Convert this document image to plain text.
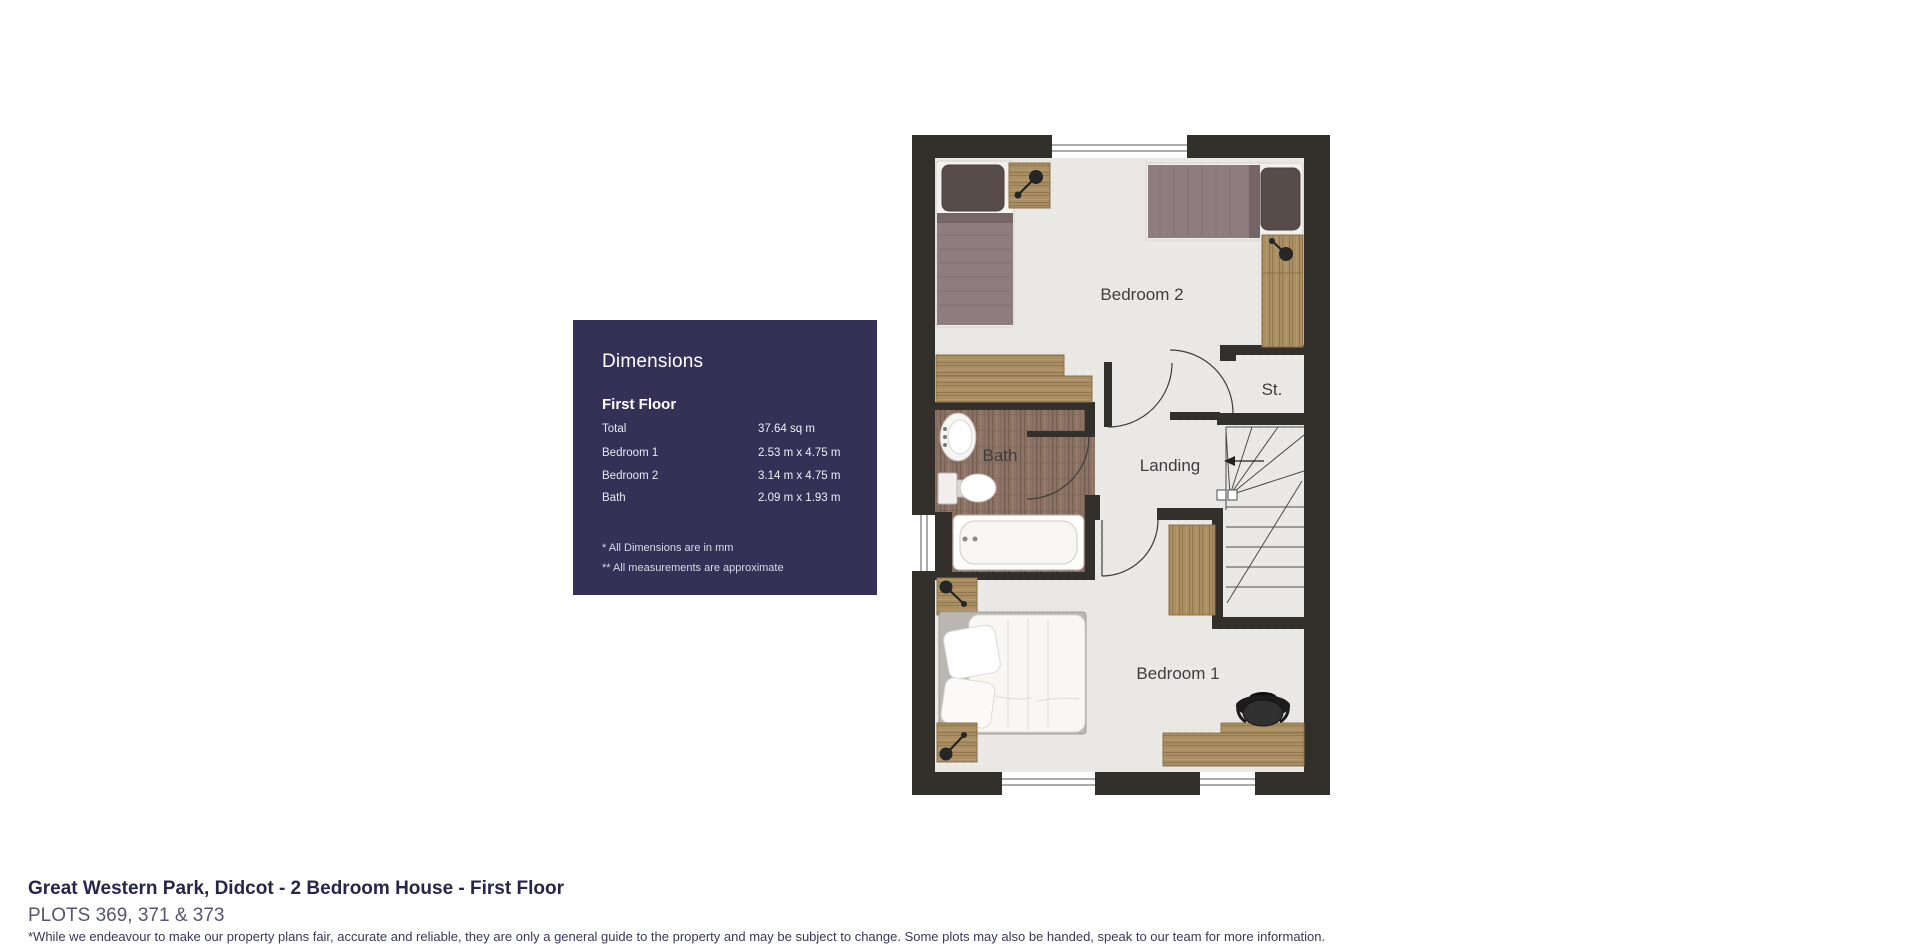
Dimensions
First Floor
Total	37.64 sq m
Bedroom 1	2.53 m x 4.75 m
Bedroom 2	3.14 m x 4.75 m
Bath	2.09 m x 1.93 m
* All Dimensions are in mm
** All measurements are approximate
Bedroom 2
St.
Bath
Landing
Bedroom 1
Great Western Park, Didcot - 2 Bedroom House - First Floor
PLOTS 369, 371 & 373
*While we endeavour to make our property plans fair, accurate and reliable, they are only a general guide to the property and may be subject to change. Some plots may also be handed, speak to our team for more information.
